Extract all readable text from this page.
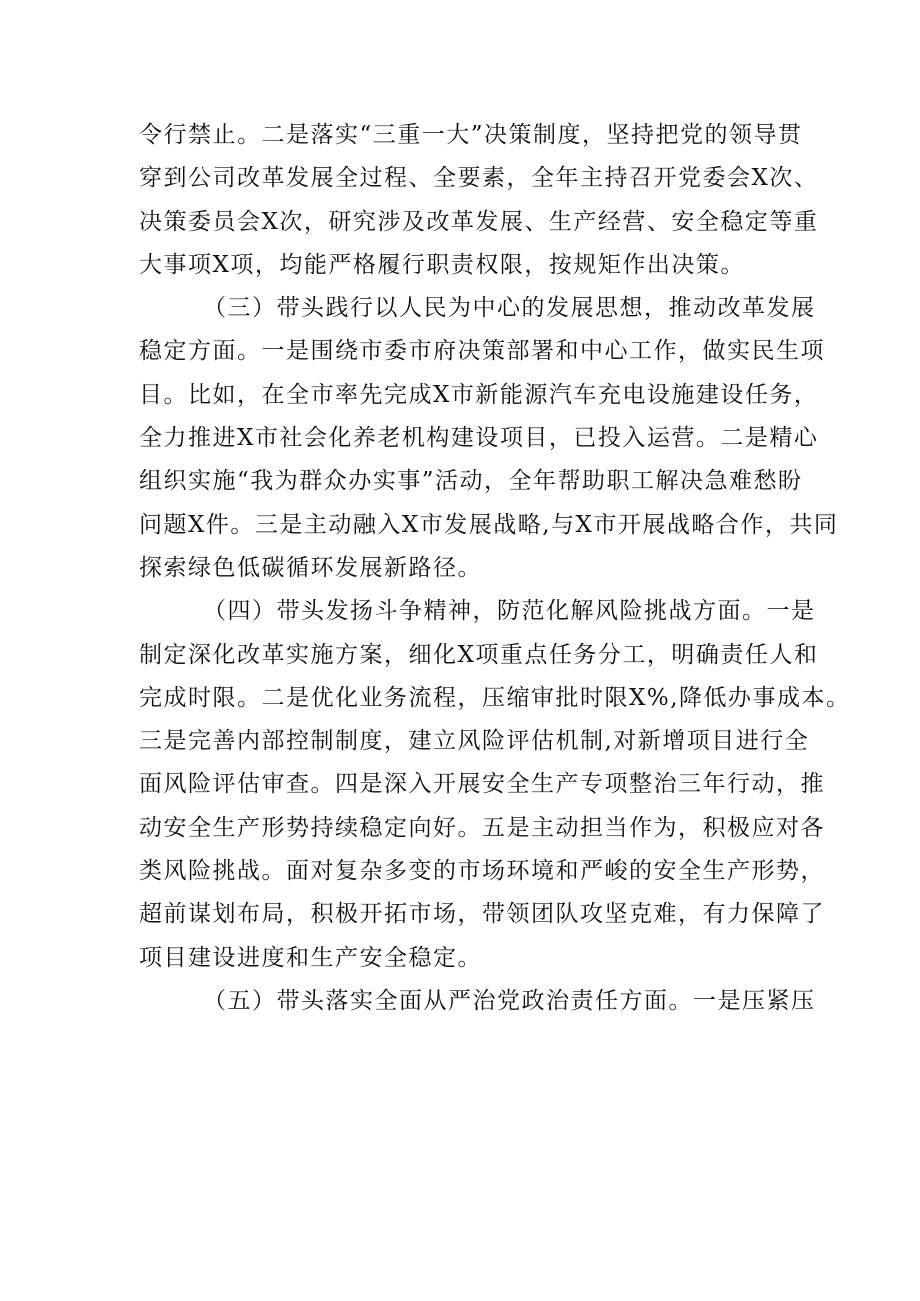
令行禁止。二是落实“三重一大”决策制度，坚持把党的领导贯
穿到公司改革发展全过程、全要素，全年主持召开党委会X次、
决策委员会X次，研究涉及改革发展、生产经营、安全稳定等重
大事项X项，均能严格履行职责权限，按规矩作出决策。
（三）带头践行以人民为中心的发展思想，推动改革发展
稳定方面。一是围绕市委市府决策部署和中心工作，做实民生项
目。比如，在全市率先完成X市新能源汽车充电设施建设任务，
全力推进X市社会化养老机构建设项目，已投入运营。二是精心
组织实施“我为群众办实事”活动，全年帮助职工解决急难愁盼
问题X件。三是主动融入X市发展战略,与X市开展战略合作，共同
探索绿色低碳循环发展新路径。
（四）带头发扬斗争精神，防范化解风险挑战方面。一是
制定深化改革实施方案，细化X项重点任务分工，明确责任人和
完成时限。二是优化业务流程，压缩审批时限X%,降低办事成本。
三是完善内部控制制度，建立风险评估机制,对新增项目进行全
面风险评估审查。四是深入开展安全生产专项整治三年行动，推
动安全生产形势持续稳定向好。五是主动担当作为，积极应对各
类风险挑战。面对复杂多变的市场环境和严峻的安全生产形势，
超前谋划布局，积极开拓市场，带领团队攻坚克难，有力保障了
项目建设进度和生产安全稳定。
（五）带头落实全面从严治党政治责任方面。一是压紧压
